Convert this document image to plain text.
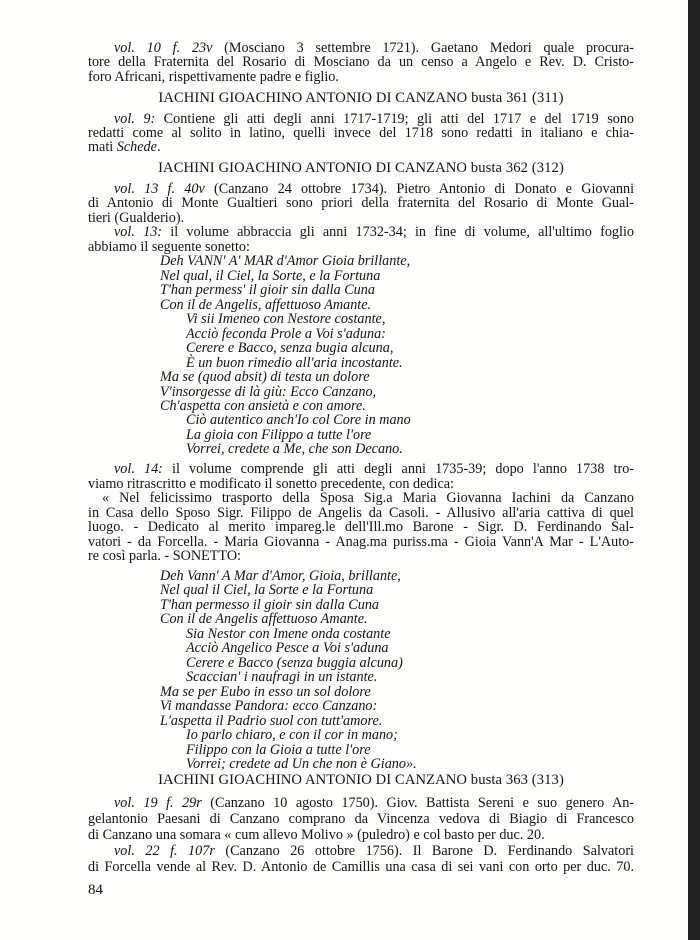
vol. 10 f. 23v (Mosciano 3 settembre 1721). Gaetano Medori quale procura-
tore della Fraternita del Rosario di Mosciano da un censo a Angelo e Rev. D. Cristo-
foro Africani, rispettivamente padre e figlio.
IACHINI GIOACHINO ANTONIO DI CANZANO busta 361 (311)
vol. 9: Contiene gli atti degli anni 1717-1719; gli atti del 1717 e del 1719 sono
redatti come al solito in latino, quelli invece del 1718 sono redatti in italiano e chia-
mati Schede.
IACHINI GIOACHINO ANTONIO DI CANZANO busta 362 (312)
vol. 13 f. 40v (Canzano 24 ottobre 1734). Pietro Antonio di Donato e Giovanni
di Antonio di Monte Gualtieri sono priori della fraternita del Rosario di Monte Gual-
tieri (Gualderio).
vol. 13: il volume abbraccia gli anni 1732-34; in fine di volume, all'ultimo foglio
abbiamo il seguente sonetto:
Deh VANN' A' MAR d'Amor Gioia brillante,
Nel qual, il Ciel, la Sorte, e la Fortuna
T'han permess' il gioir sin dalla Cuna
Con il de Angelis, affettuoso Amante.
Vi sii Imeneo con Nestore costante,
Acciò feconda Prole a Voi s'aduna:
Cerere e Bacco, senza bugia alcuna,
È un buon rimedio all'aria incostante.
Ma se (quod absit) di testa un dolore
V'insorgesse di là giù: Ecco Canzano,
Ch'aspetta con ansietà e con amore.
Ciò autentico anch'Io col Core in mano
La gioia con Filippo a tutte l'ore
Vorrei, credete a Me, che son Decano.
vol. 14: il volume comprende gli atti degli anni 1735-39; dopo l'anno 1738 tro-
viamo ritrascritto e modificato il sonetto precedente, con dedica:
« Nel felicissimo trasporto della Sposa Sig.a Maria Giovanna Iachini da Canzano
in Casa dello Sposo Sigr. Filippo de Angelis da Casoli. - Allusivo all'aria cattiva di quel
luogo. - Dedicato al merito impareg.le dell'Ill.mo Barone - Sigr. D. Ferdinando Sal-
vatori - da Forcella. - Maria Giovanna - Anag.ma puriss.ma - Gioia Vann'A Mar - L'Auto-
re così parla. - SONETTO:
Deh Vann' A Mar d'Amor, Gioia, brillante,
Nel qual il Ciel, la Sorte e la Fortuna
T'han permesso il gioir sin dalla Cuna
Con il de Angelis affettuoso Amante.
Sia Nestor con Imene onda costante
Acciò Angelico Pesce a Voi s'aduna
Cerere e Bacco (senza buggia alcuna)
Scaccian' i naufragi in un istante.
Ma se per Eubo in esso un sol dolore
Vi mandasse Pandora: ecco Canzano:
L'aspetta il Padrio suol con tutt'amore.
Io parlo chiaro, e con il cor in mano;
Filippo con la Gioia a tutte l'ore
Vorrei; credete ad Un che non è Giano».
IACHINI GIOACHINO ANTONIO DI CANZANO busta 363 (313)
vol. 19 f. 29r (Canzano 10 agosto 1750). Giov. Battista Sereni e suo genero An-
gelantonio Paesani di Canzano comprano da Vincenza vedova di Biagio di Francesco
di Canzano una somara « cum allevo Molivo » (puledro) e col basto per duc. 20.
vol. 22 f. 107r (Canzano 26 ottobre 1756). Il Barone D. Ferdinando Salvatori
di Forcella vende al Rev. D. Antonio de Camillis una casa di sei vani con orto per duc. 70.
84
